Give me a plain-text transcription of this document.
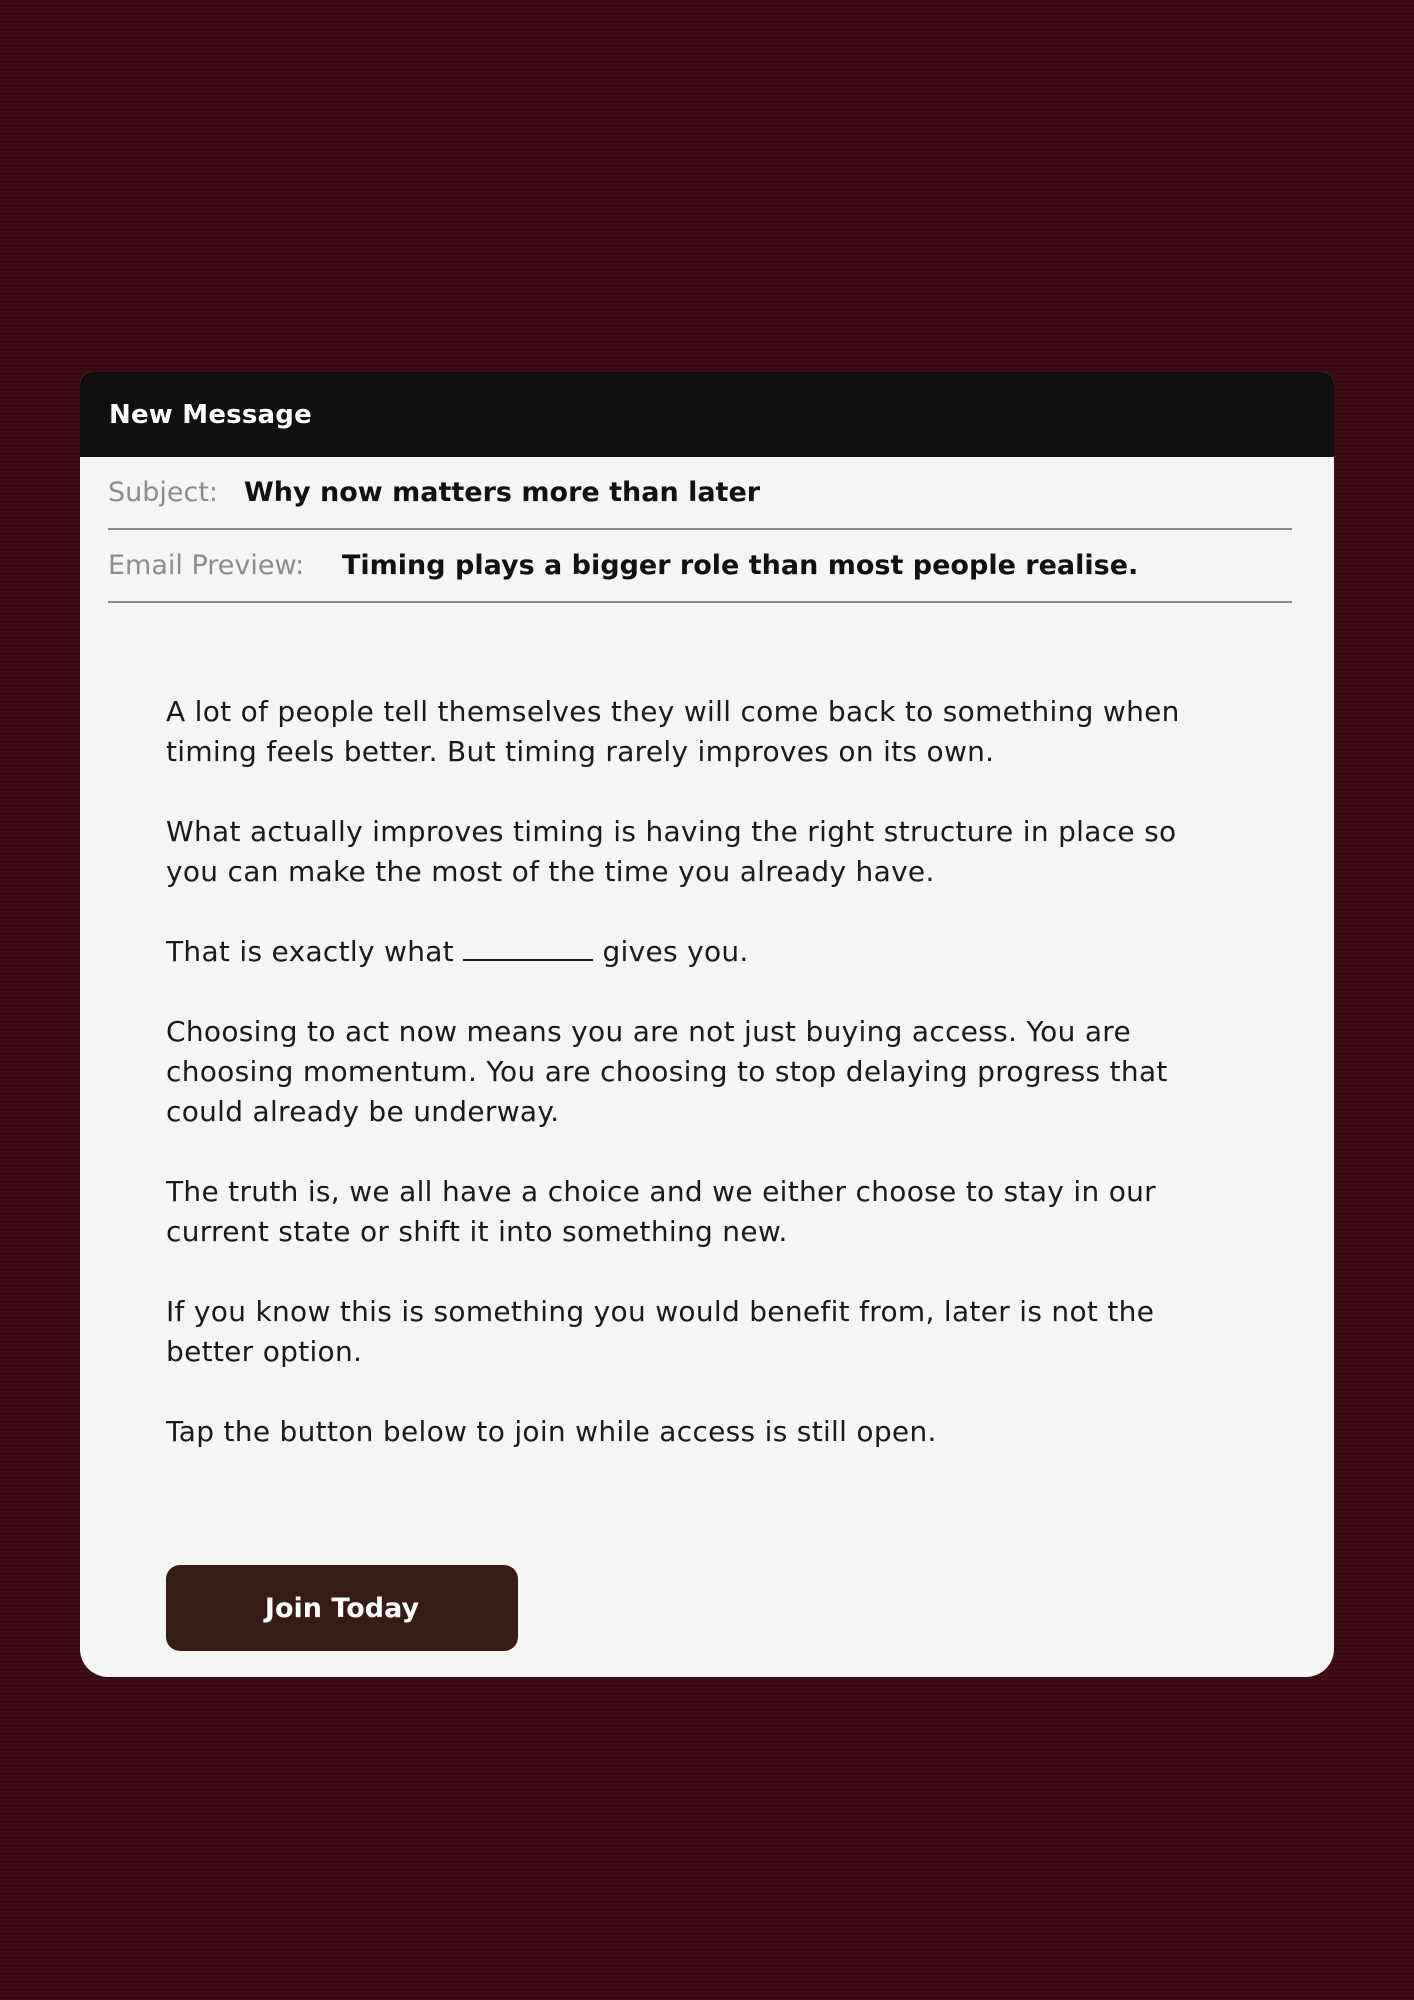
New Message
Subject: Why now matters more than later
Email Preview:	Timing plays a bigger role than most people realise.

A lot of people tell themselves they will come back to something when timing feels better. But timing rarely improves on its own.

What actually improves timing is having the right structure in place so you can make the most of the time you already have.

That is exactly what	gives you.

Choosing to act now means you are not just buying access. You are choosing momentum. You are choosing to stop delaying progress that could already be underway.

The truth is, we all have a choice and we either choose to stay in our current state or shift it into something new.

If you know this is something you would benefit from, later is not the better option.

Tap the button below to join while access is still open.

Join Today
